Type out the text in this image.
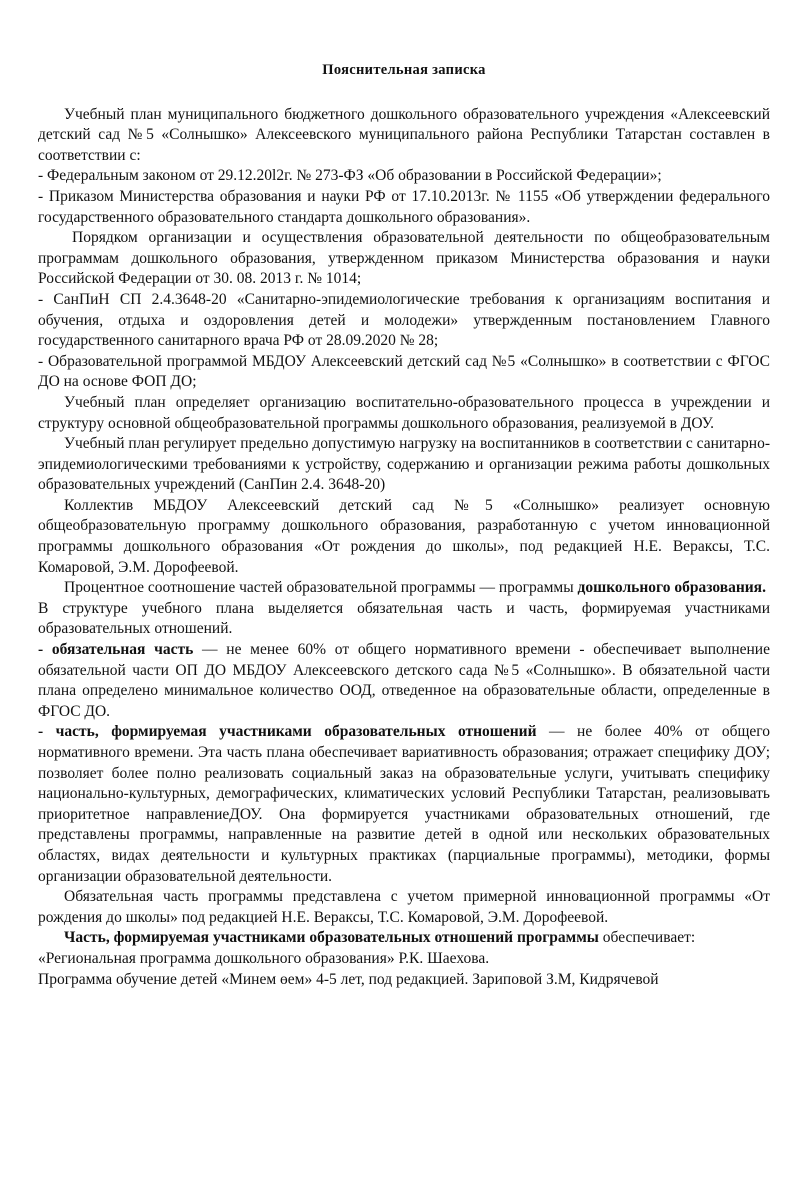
Пояснительная записка

Учебный план муниципального бюджетного дошкольного образовательного учреждения «Алексеевский детский сад №5 «Солнышко» Алексеевского муниципального района Республики Татарстан составлен в соответствии с:

- Федеральным законом от 29.12.20l2г. № 273-ФЗ «Об образовании в Российской Федерации»;

- Приказом Министерства образования и науки РФ от 17.10.2013г. № 1155 «Об утверждении федерального государственного образовательного стандарта дошкольного образования».

Порядком организации и осуществления образовательной деятельности по общеобразовательным программам дошкольного образования, утвержденном приказом Министерства образования и науки Российской Федерации от 30. 08. 2013 г. № 1014;

- СанПиН СП 2.4.3648-20 «Санитарно-эпидемиологические требования к организациям воспитания и обучения, отдыха и оздоровления детей и молодежи» утвержденным постановлением Главного государственного санитарного врача РФ от 28.09.2020 № 28;

- Образовательной программой МБДОУ Алексеевский детский сад №5 «Солнышко» в соответствии с ФГОС ДО на основе ФОП ДО;

Учебный план определяет организацию воспитательно-образовательного процесса в учреждении и структуру основной общеобразовательной программы дошкольного образования, реализуемой в ДОУ.

Учебный план регулирует предельно допустимую нагрузку на воспитанников в соответствии с санитарно-эпидемиологическими требованиями к устройству, содержанию и организации режима работы дошкольных образовательных учреждений (СанПин 2.4. 3648-20)

Коллектив МБДОУ Алексеевский детский сад №5 «Солнышко» реализует основную общеобразовательную программу дошкольного образования, разработанную с учетом инновационной программы дошкольного образования «От рождения до школы», под редакцией Н.Е. Вераксы, Т.С. Комаровой, Э.М. Дорофеевой.

Процентное соотношение частей образовательной программы — программы дошкольного образования.

В структуре учебного плана выделяется обязательная часть и часть, формируемая участниками образовательных отношений.

- обязательная часть — не менее 60% от общего нормативного времени - обеспечивает выполнение обязательной части ОП ДО МБДОУ Алексеевского детского сада №5 «Солнышко». В обязательной части плана определено минимальное количество ООД, отведенное на образовательные области, определенные в ФГОС ДО.

- часть, формируемая участниками образовательных отношений — не более 40% от общего нормативного времени. Эта часть плана обеспечивает вариативность образования; отражает специфику ДОУ; позволяет более полно реализовать социальный заказ на образовательные услуги, учитывать специфику национально-культурных, демографических, климатических условий Республики Татарстан, реализовывать приоритетное направлениеДОУ. Она формируется участниками образовательных отношений, где представлены программы, направленные на развитие детей в одной или нескольких образовательных областях, видах деятельности и культурных практиках (парциальные программы), методики, формы организации образовательной деятельности.

Обязательная часть программы представлена с учетом примерной инновационной программы «От рождения до школы» под редакцией Н.Е. Вераксы, Т.С. Комаровой, Э.М. Дорофеевой.

Часть, формируемая участниками образовательных отношений программы обеспечивает:

«Региональная программа дошкольного образования» Р.К. Шаехова.

Программа обучение детей «Минем өем» 4-5 лет, под редакцией. Зариповой З.М, Кидрячевой
